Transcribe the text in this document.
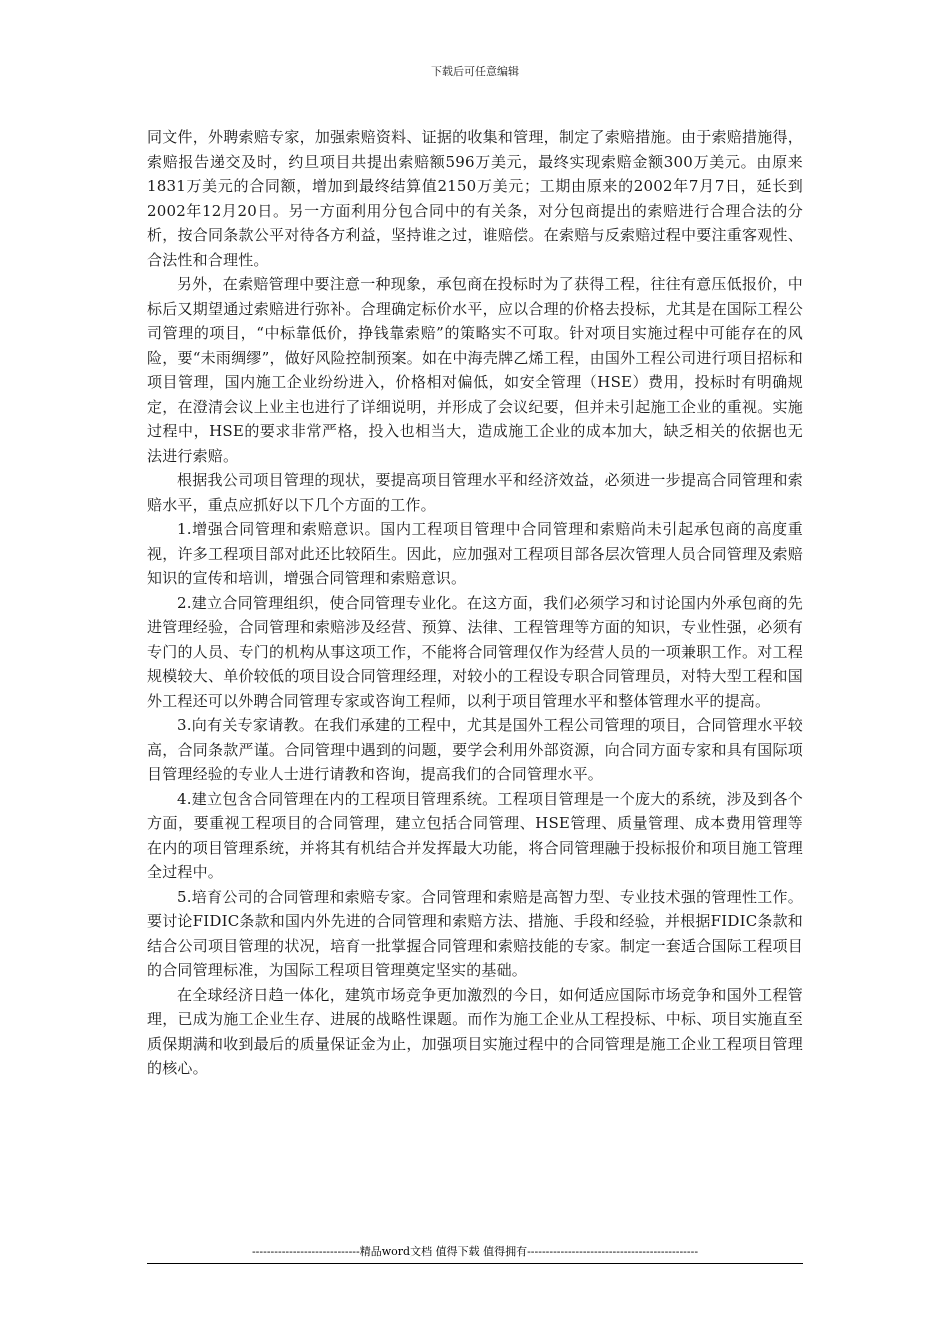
下载后可任意编辑

同文件，外聘索赔专家，加强索赔资料、证据的收集和管理，制定了索赔措施。由于索赔措施得，索赔报告递交及时，约旦项目共提出索赔额596万美元，最终实现索赔金额300万美元。由原来1831万美元的合同额，增加到最终结算值2150万美元；工期由原来的2002年7月7日，延长到2002年12月20日。另一方面利用分包合同中的有关条，对分包商提出的索赔进行合理合法的分析，按合同条款公平对待各方利益，坚持谁之过，谁赔偿。在索赔与反索赔过程中要注重客观性、合法性和合理性。

另外，在索赔管理中要注意一种现象，承包商在投标时为了获得工程，往往有意压低报价，中标后又期望通过索赔进行弥补。合理确定标价水平，应以合理的价格去投标，尤其是在国际工程公司管理的项目，“中标靠低价，挣钱靠索赔”的策略实不可取。针对项目实施过程中可能存在的风险，要“未雨绸缪”，做好风险控制预案。如在中海壳牌乙烯工程，由国外工程公司进行项目招标和项目管理，国内施工企业纷纷进入，价格相对偏低，如安全管理（HSE）费用，投标时有明确规定，在澄清会议上业主也进行了详细说明，并形成了会议纪要，但并未引起施工企业的重视。实施过程中，HSE的要求非常严格，投入也相当大，造成施工企业的成本加大，缺乏相关的依据也无法进行索赔。

根据我公司项目管理的现状，要提高项目管理水平和经济效益，必须进一步提高合同管理和索赔水平，重点应抓好以下几个方面的工作。

1.增强合同管理和索赔意识。国内工程项目管理中合同管理和索赔尚未引起承包商的高度重视，许多工程项目部对此还比较陌生。因此，应加强对工程项目部各层次管理人员合同管理及索赔知识的宣传和培训，增强合同管理和索赔意识。

2.建立合同管理组织，使合同管理专业化。在这方面，我们必须学习和讨论国内外承包商的先进管理经验，合同管理和索赔涉及经营、预算、法律、工程管理等方面的知识，专业性强，必须有专门的人员、专门的机构从事这项工作，不能将合同管理仅作为经营人员的一项兼职工作。对工程规模较大、单价较低的项目设合同管理经理，对较小的工程设专职合同管理员，对特大型工程和国外工程还可以外聘合同管理专家或咨询工程师，以利于项目管理水平和整体管理水平的提高。

3.向有关专家请教。在我们承建的工程中，尤其是国外工程公司管理的项目，合同管理水平较高，合同条款严谨。合同管理中遇到的问题，要学会利用外部资源，向合同方面专家和具有国际项目管理经验的专业人士进行请教和咨询，提高我们的合同管理水平。

4.建立包含合同管理在内的工程项目管理系统。工程项目管理是一个庞大的系统，涉及到各个方面，要重视工程项目的合同管理，建立包括合同管理、HSE管理、质量管理、成本费用管理等在内的项目管理系统，并将其有机结合并发挥最大功能，将合同管理融于投标报价和项目施工管理全过程中。

5.培育公司的合同管理和索赔专家。合同管理和索赔是高智力型、专业技术强的管理性工作。要讨论FIDIC条款和国内外先进的合同管理和索赔方法、措施、手段和经验，并根据FIDIC条款和结合公司项目管理的状况，培育一批掌握合同管理和索赔技能的专家。制定一套适合国际工程项目的合同管理标准，为国际工程项目管理奠定坚实的基础。

在全球经济日趋一体化，建筑市场竞争更加激烈的今日，如何适应国际市场竞争和国外工程管理，已成为施工企业生存、进展的战略性课题。而作为施工企业从工程投标、中标、项目实施直至质保期满和收到最后的质量保证金为止，加强项目实施过程中的合同管理是施工企业工程项目管理的核心。

-----------------------------精品word文档 值得下载 值得拥有----------------------------------------------
